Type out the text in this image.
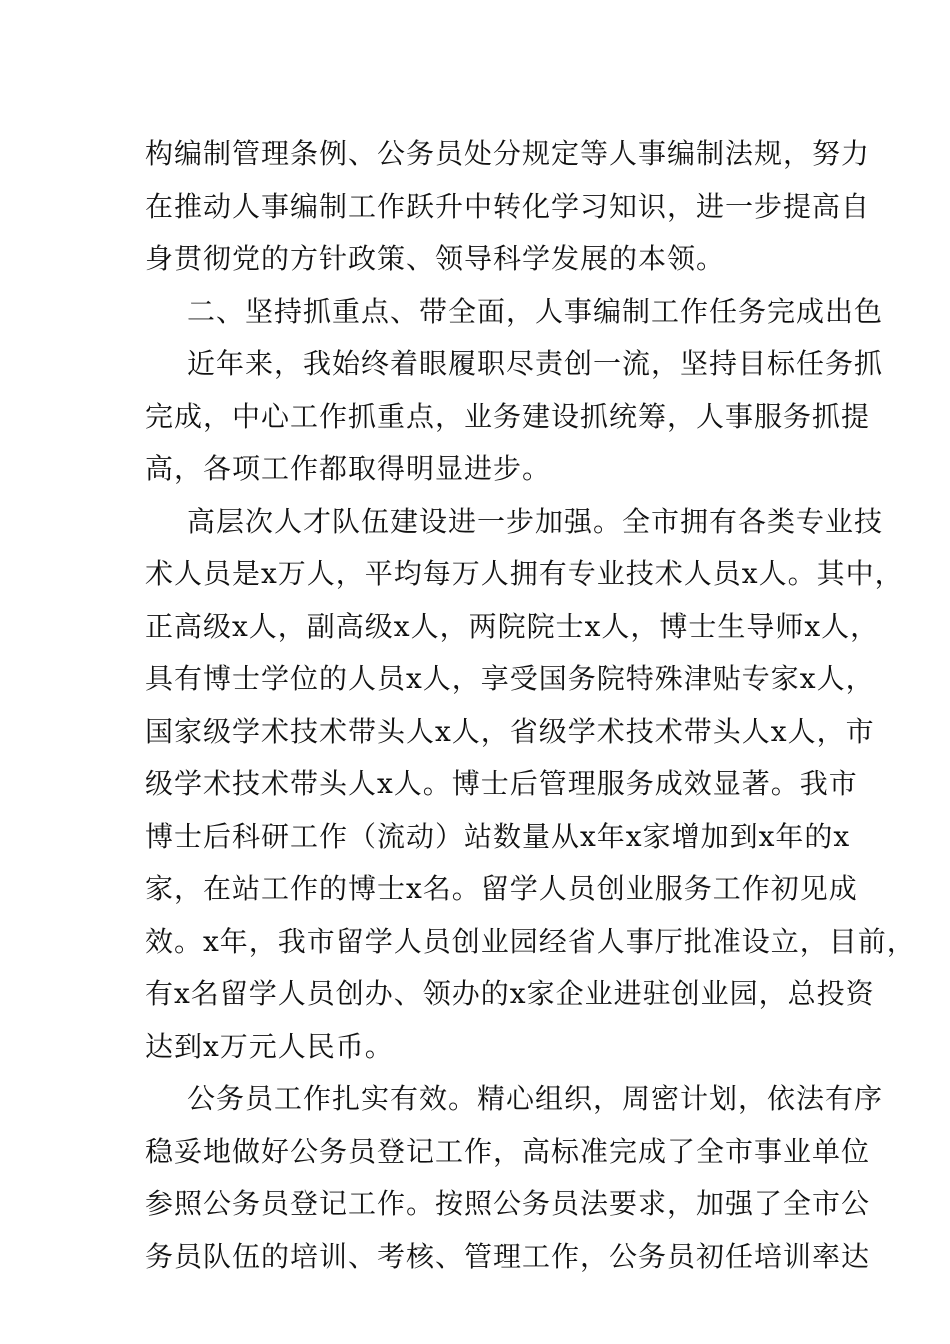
构编制管理条例、公务员处分规定等人事编制法规，努力
在推动人事编制工作跃升中转化学习知识，进一步提高自
身贯彻党的方针政策、领导科学发展的本领。
二、坚持抓重点、带全面，人事编制工作任务完成出色
近年来，我始终着眼履职尽责创一流，坚持目标任务抓
完成，中心工作抓重点，业务建设抓统筹，人事服务抓提
高，各项工作都取得明显进步。
高层次人才队伍建设进一步加强。全市拥有各类专业技
术人员是x万人，平均每万人拥有专业技术人员x人。其中，
正高级x人，副高级x人，两院院士x人，博士生导师x人，
具有博士学位的人员x人，享受国务院特殊津贴专家x人，
国家级学术技术带头人x人，省级学术技术带头人x人，市
级学术技术带头人x人。博士后管理服务成效显著。我市
博士后科研工作（流动）站数量从x年x家增加到x年的x
家，在站工作的博士x名。留学人员创业服务工作初见成
效。x年，我市留学人员创业园经省人事厅批准设立，目前，
有x名留学人员创办、领办的x家企业进驻创业园，总投资
达到x万元人民币。
公务员工作扎实有效。精心组织，周密计划，依法有序
稳妥地做好公务员登记工作，高标准完成了全市事业单位
参照公务员登记工作。按照公务员法要求，加强了全市公
务员队伍的培训、考核、管理工作，公务员初任培训率达
